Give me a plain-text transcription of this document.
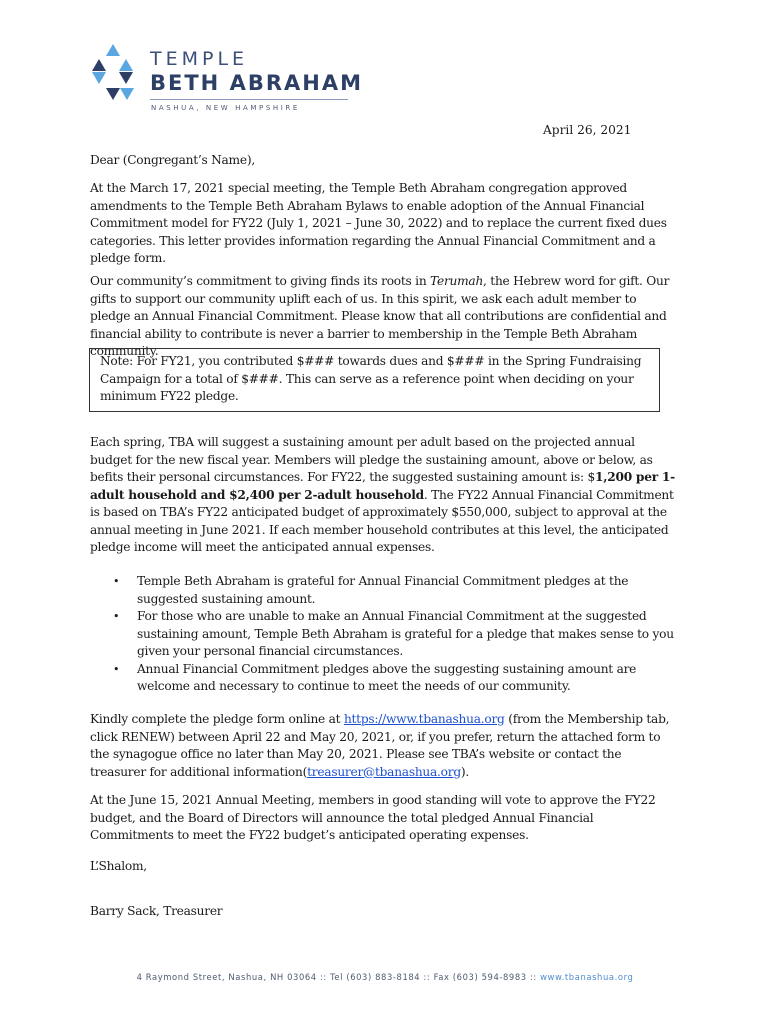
TEMPLE
BETH ABRAHAM
NASHUA, NEW HAMPSHIRE
April 26, 2021
Dear (Congregant’s Name),
At the March 17, 2021 special meeting, the Temple Beth Abraham congregation approved amendments to the Temple Beth Abraham Bylaws to enable adoption of the Annual Financial Commitment model for FY22 (July 1, 2021 – June 30, 2022) and to replace the current fixed dues categories. This letter provides information regarding the Annual Financial Commitment and a pledge form.
Our community’s commitment to giving finds its roots in Terumah, the Hebrew word for gift. Our gifts to support our community uplift each of us. In this spirit, we ask each adult member to pledge an Annual Financial Commitment. Please know that all contributions are confidential and financial ability to contribute is never a barrier to membership in the Temple Beth Abraham community.
Note: For FY21, you contributed $### towards dues and $### in the Spring Fundraising Campaign for a total of $###. This can serve as a reference point when deciding on your minimum FY22 pledge.
Each spring, TBA will suggest a sustaining amount per adult based on the projected annual budget for the new fiscal year. Members will pledge the sustaining amount, above or below, as befits their personal circumstances. For FY22, the suggested sustaining amount is: $1,200 per 1-adult household and $2,400 per 2-adult household. The FY22 Annual Financial Commitment is based on TBA’s FY22 anticipated budget of approximately $550,000, subject to approval at the annual meeting in June 2021. If each member household contributes at this level, the anticipated pledge income will meet the anticipated annual expenses.
• Temple Beth Abraham is grateful for Annual Financial Commitment pledges at the suggested sustaining amount.
• For those who are unable to make an Annual Financial Commitment at the suggested sustaining amount, Temple Beth Abraham is grateful for a pledge that makes sense to you given your personal financial circumstances.
• Annual Financial Commitment pledges above the suggesting sustaining amount are welcome and necessary to continue to meet the needs of our community.
Kindly complete the pledge form online at https://www.tbanashua.org (from the Membership tab, click RENEW) between April 22 and May 20, 2021, or, if you prefer, return the attached form to the synagogue office no later than May 20, 2021. Please see TBA’s website or contact the treasurer for additional information(treasurer@tbanashua.org).
At the June 15, 2021 Annual Meeting, members in good standing will vote to approve the FY22 budget, and the Board of Directors will announce the total pledged Annual Financial Commitments to meet the FY22 budget’s anticipated operating expenses.
L’Shalom,
Barry Sack, Treasurer
4 Raymond Street, Nashua, NH 03064 :: Tel (603) 883-8184 :: Fax (603) 594-8983 :: www.tbanashua.org
